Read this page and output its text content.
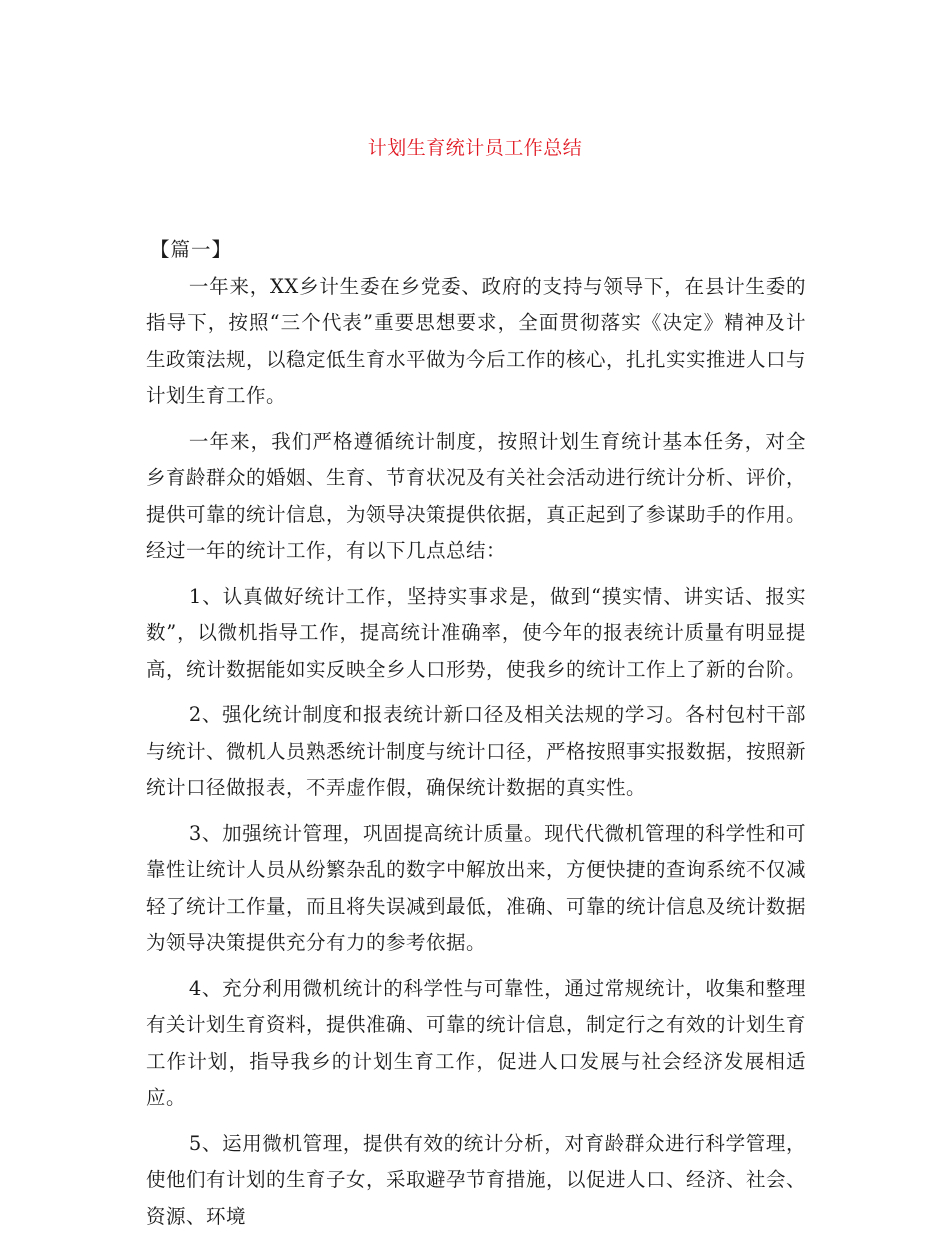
计划生育统计员工作总结

【篇一】

一年来，XX乡计生委在乡党委、政府的支持与领导下，在县计生委的指导下，按照“三个代表”重要思想要求，全面贯彻落实《决定》精神及计生政策法规，以稳定低生育水平做为今后工作的核心，扎扎实实推进人口与计划生育工作。

一年来，我们严格遵循统计制度，按照计划生育统计基本任务，对全乡育龄群众的婚姻、生育、节育状况及有关社会活动进行统计分析、评价，提供可靠的统计信息，为领导决策提供依据，真正起到了参谋助手的作用。经过一年的统计工作，有以下几点总结：

1、认真做好统计工作，坚持实事求是，做到“摸实情、讲实话、报实数”，以微机指导工作，提高统计准确率，使今年的报表统计质量有明显提高，统计数据能如实反映全乡人口形势，使我乡的统计工作上了新的台阶。

2、强化统计制度和报表统计新口径及相关法规的学习。各村包村干部与统计、微机人员熟悉统计制度与统计口径，严格按照事实报数据，按照新统计口径做报表，不弄虚作假，确保统计数据的真实性。

3、加强统计管理，巩固提高统计质量。现代代微机管理的科学性和可靠性让统计人员从纷繁杂乱的数字中解放出来，方便快捷的查询系统不仅减轻了统计工作量，而且将失误减到最低，准确、可靠的统计信息及统计数据为领导决策提供充分有力的参考依据。

4、充分利用微机统计的科学性与可靠性，通过常规统计，收集和整理有关计划生育资料，提供准确、可靠的统计信息，制定行之有效的计划生育工作计划，指导我乡的计划生育工作，促进人口发展与社会经济发展相适应。

5、运用微机管理，提供有效的统计分析，对育龄群众进行科学管理，使他们有计划的生育子女，采取避孕节育措施，以促进人口、经济、社会、资源、环境
